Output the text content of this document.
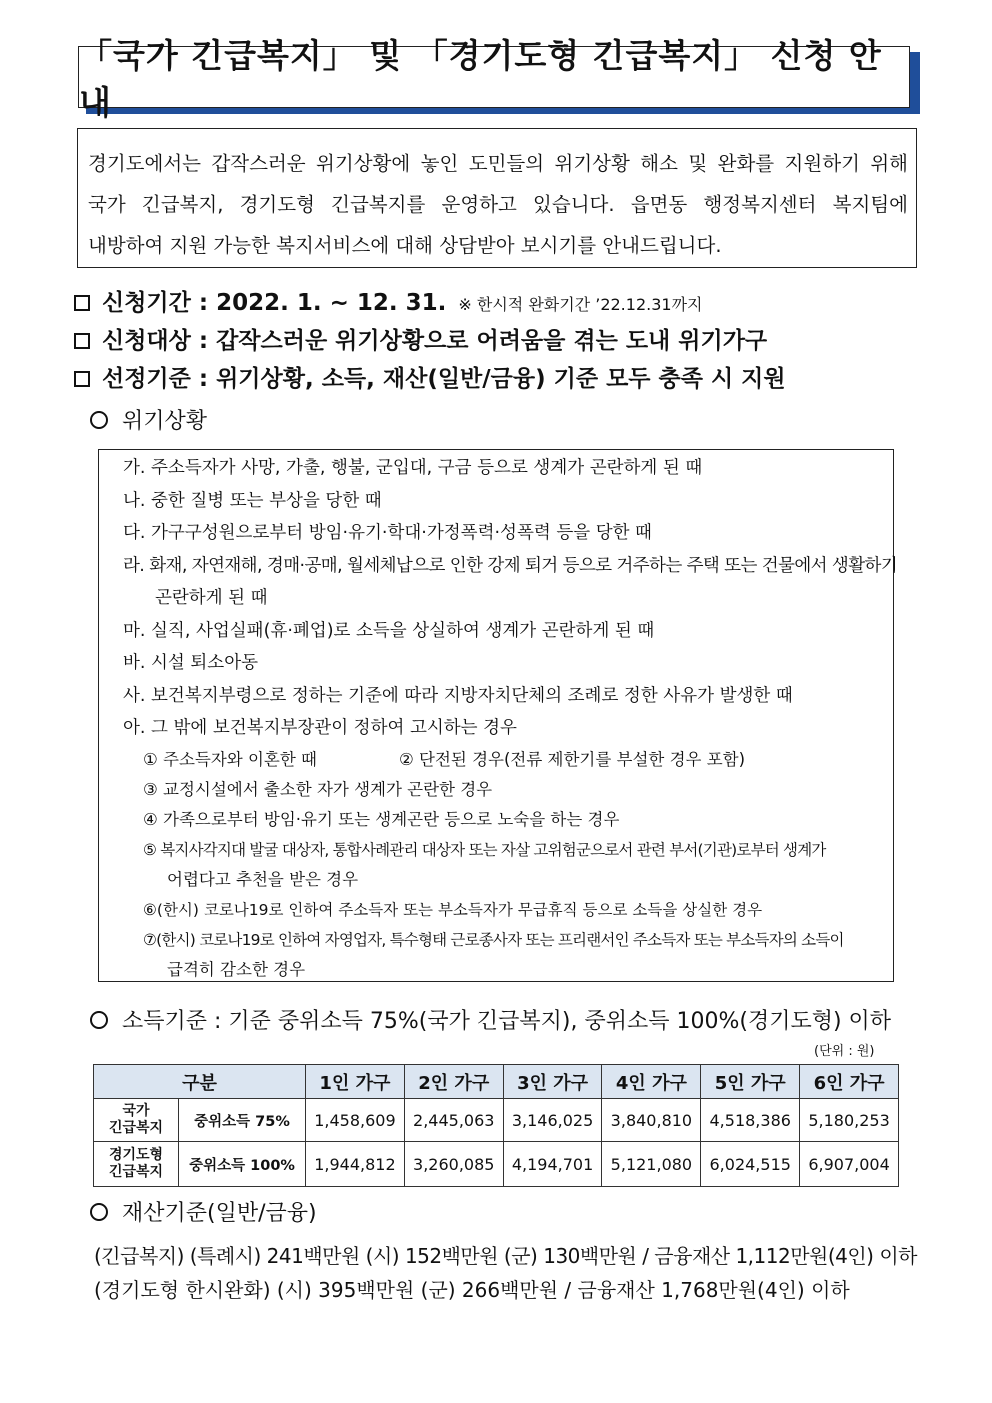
「국가 긴급복지」 및 「경기도형 긴급복지」 신청 안내
경기도에서는 갑작스러운 위기상황에 놓인 도민들의 위기상황 해소 및 완화를 지원하기 위해
국가 긴급복지, 경기도형 긴급복지를 운영하고 있습니다. 읍면동 행정복지센터 복지팀에
내방하여 지원 가능한 복지서비스에 대해 상담받아 보시기를 안내드립니다.
신청기간 : 2022. 1. ~ 12. 31. ※ 한시적 완화기간 ’22.12.31까지
신청대상 : 갑작스러운 위기상황으로 어려움을 겪는 도내 위기가구
선정기준 : 위기상황, 소득, 재산(일반/금융) 기준 모두 충족 시 지원
위기상황
가. 주소득자가 사망, 가출, 행불, 군입대, 구금 등으로 생계가 곤란하게 된 때
나. 중한 질병 또는 부상을 당한 때
다. 가구구성원으로부터 방임·유기·학대·가정폭력·성폭력 등을 당한 때
라. 화재, 자연재해, 경매·공매, 월세체납으로 인한 강제 퇴거 등으로 거주하는 주택 또는 건물에서 생활하기
곤란하게 된 때
마. 실직, 사업실패(휴·폐업)로 소득을 상실하여 생계가 곤란하게 된 때
바. 시설 퇴소아동
사. 보건복지부령으로 정하는 기준에 따라 지방자치단체의 조례로 정한 사유가 발생한 때
아. 그 밖에 보건복지부장관이 정하여 고시하는 경우
① 주소득자와 이혼한 때	② 단전된 경우(전류 제한기를 부설한 경우 포함)
③ 교정시설에서 출소한 자가 생계가 곤란한 경우
④ 가족으로부터 방임·유기 또는 생계곤란 등으로 노숙을 하는 경우
⑤ 복지사각지대 발굴 대상자, 통합사례관리 대상자 또는 자살 고위험군으로서 관련 부서(기관)로부터 생계가
어렵다고 추천을 받은 경우
⑥(한시) 코로나19로 인하여 주소득자 또는 부소득자가 무급휴직 등으로 소득을 상실한 경우
⑦(한시) 코로나19로 인하여 자영업자, 특수형태 근로종사자 또는 프리랜서인 주소득자 또는 부소득자의 소득이
급격히 감소한 경우
소득기준 : 기준 중위소득 75%(국가 긴급복지), 중위소득 100%(경기도형) 이하
(단위 : 원)
구분		1인 가구	2인 가구	3인 가구	4인 가구	5인 가구	6인 가구

국가
긴급복지	중위소득 75%	1,458,609	2,445,063	3,146,025	3,840,810	4,518,386	5,180,253

경기도형
긴급복지	중위소득 100%	1,944,812	3,260,085	4,194,701	5,121,080	6,024,515	6,907,004
재산기준(일반/금융)
(긴급복지) (특례시) 241백만원 (시) 152백만원 (군) 130백만원 / 금융재산 1,112만원(4인) 이하
(경기도형 한시완화) (시) 395백만원 (군) 266백만원 / 금융재산 1,768만원(4인) 이하
